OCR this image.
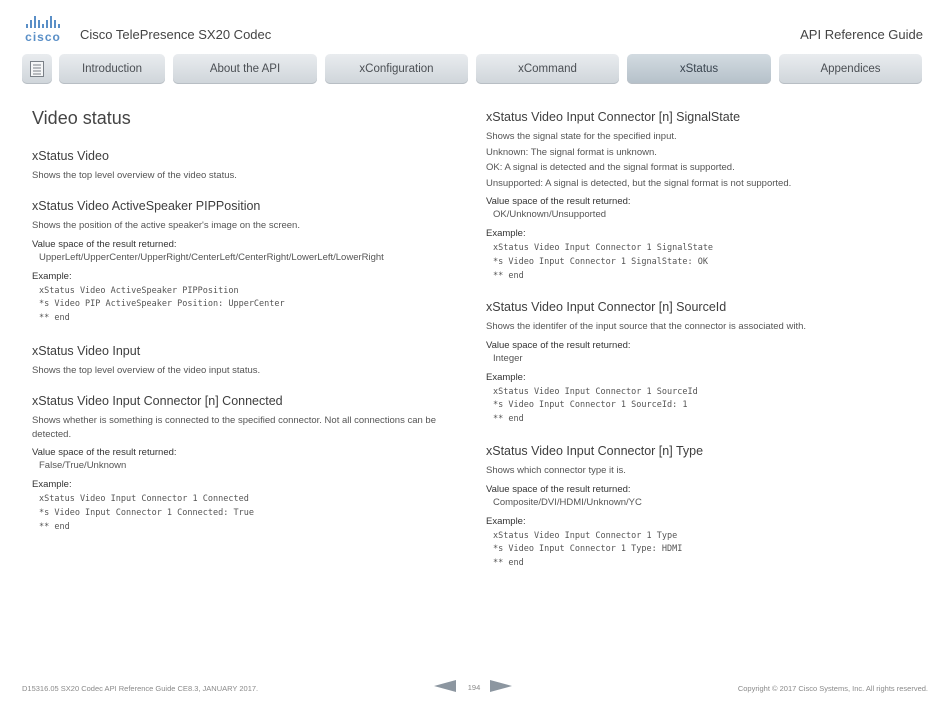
cisco Cisco TelePresence SX20 Codec	API Reference Guide
Introduction	About the API	xConfiguration	xCommand	xStatus	Appendices
Video status
xStatus Video

Shows the top level overview of the video status.

xStatus Video ActiveSpeaker PIPPosition

Shows the position of the active speaker's image on the screen.

Value space of the result returned:
UpperLeft/UpperCenter/UpperRight/CenterLeft/CenterRight/LowerLeft/LowerRight
Example:
xStatus Video ActiveSpeaker PIPPosition
*s Video PIP ActiveSpeaker Position: UpperCenter
** end
xStatus Video Input

Shows the top level overview of the video input status.

xStatus Video Input Connector [n] Connected

Shows whether is something is connected to the specified connector. Not all connections can be detected.

Value space of the result returned:
False/True/Unknown
Example:
xStatus Video Input Connector 1 Connected
*s Video Input Connector 1 Connected: True
** end
xStatus Video Input Connector [n] SignalState

Shows the signal state for the specified input.

Unknown: The signal format is unknown.

OK: A signal is detected and the signal format is supported.

Unsupported: A signal is detected, but the signal format is not supported.

Value space of the result returned:
OK/Unknown/Unsupported
Example:
xStatus Video Input Connector 1 SignalState
*s Video Input Connector 1 SignalState: OK
** end
xStatus Video Input Connector [n] SourceId

Shows the identifer of the input source that the connector is associated with.

Value space of the result returned:
Integer
Example:
xStatus Video Input Connector 1 SourceId
*s Video Input Connector 1 SourceId: 1
** end
xStatus Video Input Connector [n] Type

Shows which connector type it is.

Value space of the result returned:
Composite/DVI/HDMI/Unknown/YC
Example:
xStatus Video Input Connector 1 Type
*s Video Input Connector 1 Type: HDMI
** end
D15316.05 SX20 Codec API Reference Guide CE8.3, JANUARY 2017.	194	Copyright © 2017 Cisco Systems, Inc. All rights reserved.
